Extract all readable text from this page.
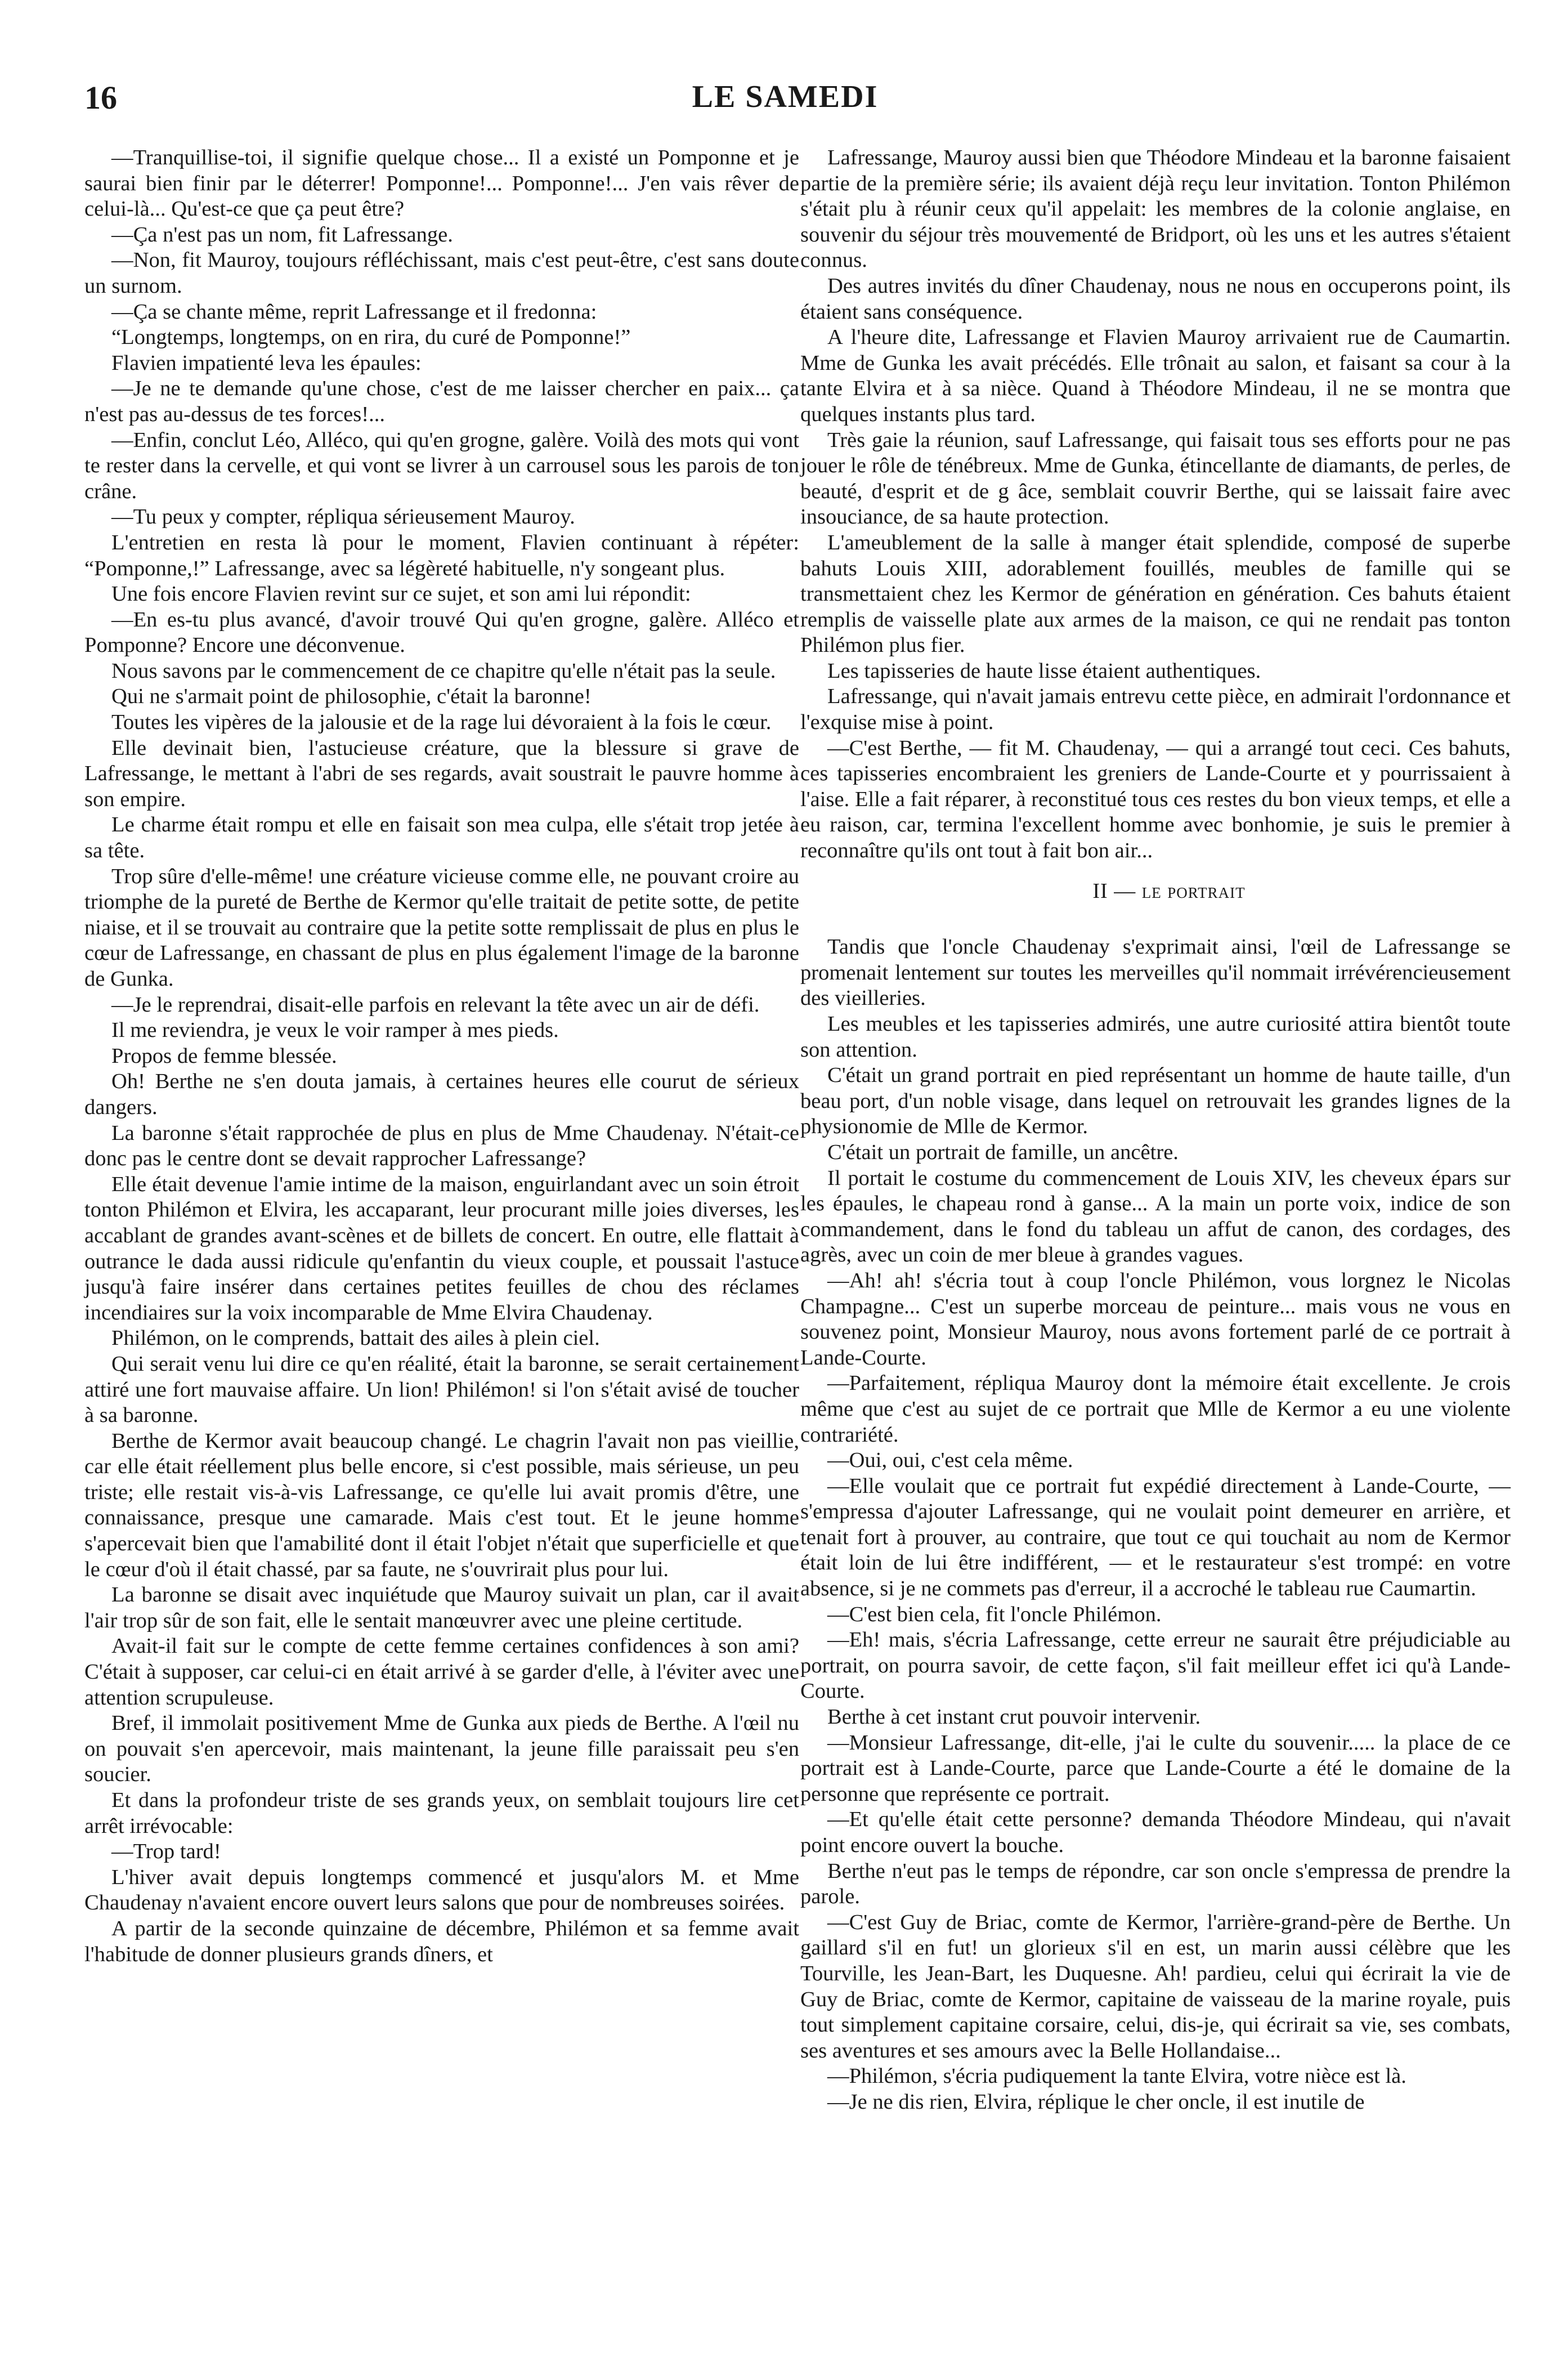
16	LE SAMEDI

—Tranquillise-toi, il signifie quelque chose... Il a existé un Pomponne et je saurai bien finir par le déterrer! Pomponne!... Pomponne!... J'en vais rêver de celui-là... Qu'est-ce que ça peut être?

—Ça n'est pas un nom, fit Lafressange.

—Non, fit Mauroy, toujours réfléchissant, mais c'est peut-être, c'est sans doute un surnom.

—Ça se chante même, reprit Lafressange et il fredonna:

“Longtemps, longtemps, on en rira, du curé de Pomponne!”

Flavien impatienté leva les épaules:

—Je ne te demande qu'une chose, c'est de me laisser chercher en paix... ça n'est pas au-dessus de tes forces!...

—Enfin, conclut Léo, Alléco, qui qu'en grogne, galère. Voilà des mots qui vont te rester dans la cervelle, et qui vont se livrer à un carrousel sous les parois de ton crâne.

—Tu peux y compter, répliqua sérieusement Mauroy.

L'entretien en resta là pour le moment, Flavien continuant à répéter: “Pomponne,!” Lafressange, avec sa légèreté habituelle, n'y songeant plus.

Une fois encore Flavien revint sur ce sujet, et son ami lui répondit:

—En es-tu plus avancé, d'avoir trouvé Qui qu'en grogne, galère. Alléco et Pomponne? Encore une déconvenue.

Nous savons par le commencement de ce chapitre qu'elle n'était pas la seule.

Qui ne s'armait point de philosophie, c'était la baronne!

Toutes les vipères de la jalousie et de la rage lui dévoraient à la fois le cœur.

Elle devinait bien, l'astucieuse créature, que la blessure si grave de Lafressange, le mettant à l'abri de ses regards, avait soustrait le pauvre homme à son empire.

Le charme était rompu et elle en faisait son mea culpa, elle s'était trop jetée à sa tête.

Trop sûre d'elle-même! une créature vicieuse comme elle, ne pouvant croire au triomphe de la pureté de Berthe de Kermor qu'elle traitait de petite sotte, de petite niaise, et il se trouvait au contraire que la petite sotte remplissait de plus en plus le cœur de Lafressange, en chassant de plus en plus également l'image de la baronne de Gunka.

—Je le reprendrai, disait-elle parfois en relevant la tête avec un air de défi.

Il me reviendra, je veux le voir ramper à mes pieds.

Propos de femme blessée.

Oh! Berthe ne s'en douta jamais, à certaines heures elle courut de sérieux dangers.

La baronne s'était rapprochée de plus en plus de Mme Chaudenay. N'était-ce donc pas le centre dont se devait rapprocher Lafressange?

Elle était devenue l'amie intime de la maison, enguirlandant avec un soin étroit tonton Philémon et Elvira, les accaparant, leur procurant mille joies diverses, les accablant de grandes avant-scènes et de billets de concert. En outre, elle flattait à outrance le dada aussi ridicule qu'enfantin du vieux couple, et poussait l'astuce jusqu'à faire insérer dans certaines petites feuilles de chou des réclames incendiaires sur la voix incomparable de Mme Elvira Chaudenay.

Philémon, on le comprends, battait des ailes à plein ciel.

Qui serait venu lui dire ce qu'en réalité, était la baronne, se serait certainement attiré une fort mauvaise affaire. Un lion! Philémon! si l'on s'était avisé de toucher à sa baronne.

Berthe de Kermor avait beaucoup changé. Le chagrin l'avait non pas vieillie, car elle était réellement plus belle encore, si c'est possible, mais sérieuse, un peu triste; elle restait vis-à-vis Lafressange, ce qu'elle lui avait promis d'être, une connaissance, presque une camarade. Mais c'est tout. Et le jeune homme s'apercevait bien que l'amabilité dont il était l'objet n'était que superficielle et que le cœur d'où il était chassé, par sa faute, ne s'ouvrirait plus pour lui.

La baronne se disait avec inquiétude que Mauroy suivait un plan, car il avait l'air trop sûr de son fait, elle le sentait manœuvrer avec une pleine certitude.

Avait-il fait sur le compte de cette femme certaines confidences à son ami? C'était à supposer, car celui-ci en était arrivé à se garder d'elle, à l'éviter avec une attention scrupuleuse.

Bref, il immolait positivement Mme de Gunka aux pieds de Berthe. A l'œil nu on pouvait s'en apercevoir, mais maintenant, la jeune fille paraissait peu s'en soucier.

Et dans la profondeur triste de ses grands yeux, on semblait toujours lire cet arrêt irrévocable:

—Trop tard!

L'hiver avait depuis longtemps commencé et jusqu'alors M. et Mme Chaudenay n'avaient encore ouvert leurs salons que pour de nombreuses soirées.

A partir de la seconde quinzaine de décembre, Philémon et sa femme avait l'habitude de donner plusieurs grands dîners, et

Lafressange, Mauroy aussi bien que Théodore Mindeau et la baronne faisaient partie de la première série; ils avaient déjà reçu leur invitation. Tonton Philémon s'était plu à réunir ceux qu'il appelait: les membres de la colonie anglaise, en souvenir du séjour très mouvementé de Bridport, où les uns et les autres s'étaient connus.

Des autres invités du dîner Chaudenay, nous ne nous en occuperons point, ils étaient sans conséquence.

A l'heure dite, Lafressange et Flavien Mauroy arrivaient rue de Caumartin. Mme de Gunka les avait précédés. Elle trônait au salon, et faisant sa cour à la tante Elvira et à sa nièce. Quand à Théodore Mindeau, il ne se montra que quelques instants plus tard.

Très gaie la réunion, sauf Lafressange, qui faisait tous ses efforts pour ne pas jouer le rôle de ténébreux. Mme de Gunka, étincellante de diamants, de perles, de beauté, d'esprit et de g âce, semblait couvrir Berthe, qui se laissait faire avec insouciance, de sa haute protection.

L'ameublement de la salle à manger était splendide, composé de superbe bahuts Louis XIII, adorablement fouillés, meubles de famille qui se transmettaient chez les Kermor de génération en génération. Ces bahuts étaient remplis de vaisselle plate aux armes de la maison, ce qui ne rendait pas tonton Philémon plus fier.

Les tapisseries de haute lisse étaient authentiques.

Lafressange, qui n'avait jamais entrevu cette pièce, en admirait l'ordonnance et l'exquise mise à point.

—C'est Berthe, — fit M. Chaudenay, — qui a arrangé tout ceci. Ces bahuts, ces tapisseries encombraient les greniers de Lande-Courte et y pourrissaient à l'aise. Elle a fait réparer, à reconstitué tous ces restes du bon vieux temps, et elle a eu raison, car, termina l'excellent homme avec bonhomie, je suis le premier à reconnaître qu'ils ont tout à fait bon air...

II — le portrait

Tandis que l'oncle Chaudenay s'exprimait ainsi, l'œil de Lafressange se promenait lentement sur toutes les merveilles qu'il nommait irrévérencieusement des vieilleries.

Les meubles et les tapisseries admirés, une autre curiosité attira bientôt toute son attention.

C'était un grand portrait en pied représentant un homme de haute taille, d'un beau port, d'un noble visage, dans lequel on retrouvait les grandes lignes de la physionomie de Mlle de Kermor.

C'était un portrait de famille, un ancêtre.

Il portait le costume du commencement de Louis XIV, les cheveux épars sur les épaules, le chapeau rond à ganse... A la main un porte voix, indice de son commandement, dans le fond du tableau un affut de canon, des cordages, des agrès, avec un coin de mer bleue à grandes vagues.

—Ah! ah! s'écria tout à coup l'oncle Philémon, vous lorgnez le Nicolas Champagne... C'est un superbe morceau de peinture... mais vous ne vous en souvenez point, Monsieur Mauroy, nous avons fortement parlé de ce portrait à Lande-Courte.

—Parfaitement, répliqua Mauroy dont la mémoire était excellente. Je crois même que c'est au sujet de ce portrait que Mlle de Kermor a eu une violente contrariété.

—Oui, oui, c'est cela même.

—Elle voulait que ce portrait fut expédié directement à Lande-Courte, — s'empressa d'ajouter Lafressange, qui ne voulait point demeurer en arrière, et tenait fort à prouver, au contraire, que tout ce qui touchait au nom de Kermor était loin de lui être indifférent, — et le restaurateur s'est trompé: en votre absence, si je ne commets pas d'erreur, il a accroché le tableau rue Caumartin.

—C'est bien cela, fit l'oncle Philémon.

—Eh! mais, s'écria Lafressange, cette erreur ne saurait être préjudiciable au portrait, on pourra savoir, de cette façon, s'il fait meilleur effet ici qu'à Lande-Courte.

Berthe à cet instant crut pouvoir intervenir.

—Monsieur Lafressange, dit-elle, j'ai le culte du souvenir..... la place de ce portrait est à Lande-Courte, parce que Lande-Courte a été le domaine de la personne que représente ce portrait.

—Et qu'elle était cette personne? demanda Théodore Mindeau, qui n'avait point encore ouvert la bouche.

Berthe n'eut pas le temps de répondre, car son oncle s'empressa de prendre la parole.

—C'est Guy de Briac, comte de Kermor, l'arrière-grand-père de Berthe. Un gaillard s'il en fut! un glorieux s'il en est, un marin aussi célèbre que les Tourville, les Jean-Bart, les Duquesne. Ah! pardieu, celui qui écrirait la vie de Guy de Briac, comte de Kermor, capitaine de vaisseau de la marine royale, puis tout simplement capitaine corsaire, celui, dis-je, qui écrirait sa vie, ses combats, ses aventures et ses amours avec la Belle Hollandaise...

—Philémon, s'écria pudiquement la tante Elvira, votre nièce est là.

—Je ne dis rien, Elvira, réplique le cher oncle, il est inutile de
